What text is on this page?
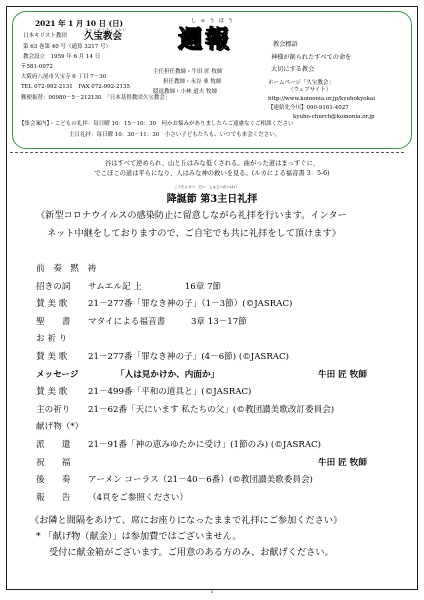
2021 年 1 月 10 日 (日)
日本キリスト教団
きゅうほうきょうかい
久宝教会
第 63 巻第 40 号（通算 3217 号）
教会設立　1959 年 6 月 14 日
しゅうほう
週報
主任担任教師・牛田 匠 牧師
担任教師・永谷 亜 牧師
隠退教師・小林 道夫 牧師
〒581-0072
大阪府八尾市久宝寺 6 丁目 7－30
TEL 072-992-2131　FAX 072-992-2135
郵便振替：00980－5－212130　「日本基督教団久宝教会」
教会標語
神様が創られたすべての命を
大切にする教会
ホームページ「久宝教会」
（ウェブサイト）
http://www.koinonia.or.jp/kyuhokyokai
【連絡先今川】090-9161-4027
kyuho-church@koinonia.or.jp
【集会案内】・こどもの礼拝：毎日曜 10：15－10：30　何かお悩みがありましたらご遠慮なくご相談ください
主日礼拝：毎日曜 10：30－11：30　小さい子どもたちも、いつでも来会ください。
谷はすべて逆められ、山と丘はみな低くされる。曲がった道はまっすぐに、
でこぼこの道は平らになり、人はみな神の救いを見る。(ルカによる福音書 3：5-6)
こうたんせつ　だい　しゅじつれいはい
降誕節 第3主日礼拝
《新型コロナウイルスの感染防止に留意しながら礼拝を行います。インター
ネット中継をしておりますので、ご自宅でも共に礼拝をして頂けます》
前　奏　黙　祷
招きの詞 サムエル記 上　　　　　16章 7節
賛 美 歌 21－277番「罪なき神の子」（1－3節）(©JASRAC)
聖　　書 マタイによる福音書　　　3章 13－17節
お 祈 り
賛 美 歌 21－277番「罪なき神の子」(4－6節) (©JASRAC)
メッセージ	「人は見かけか、内面か」	牛田 匠 牧師
賛 美 歌 21－499番「平和の道具と」(©JASRAC)
主の祈り 21－62番「天にいます 私たちの父」(©教団讃美歌改訂委員会)
献げ物（*）
派　　遣 21－91番「神の恵みゆたかに受け」(1節のみ) (©JASRAC)
祝　　福	牛田 匠 牧師
後　　奏 アーメン コーラス（21－40－6番）(©教団讃美歌委員会)
報　　告 （4頁をご参照ください）
《お隣と間隔をあけて、席にお座りになったままで礼拝にご参加ください》
* 「献げ物（献金）」は参加費ではございません。
受付に献金箱がございます。ご用意のある方のみ、お献げください。
1
